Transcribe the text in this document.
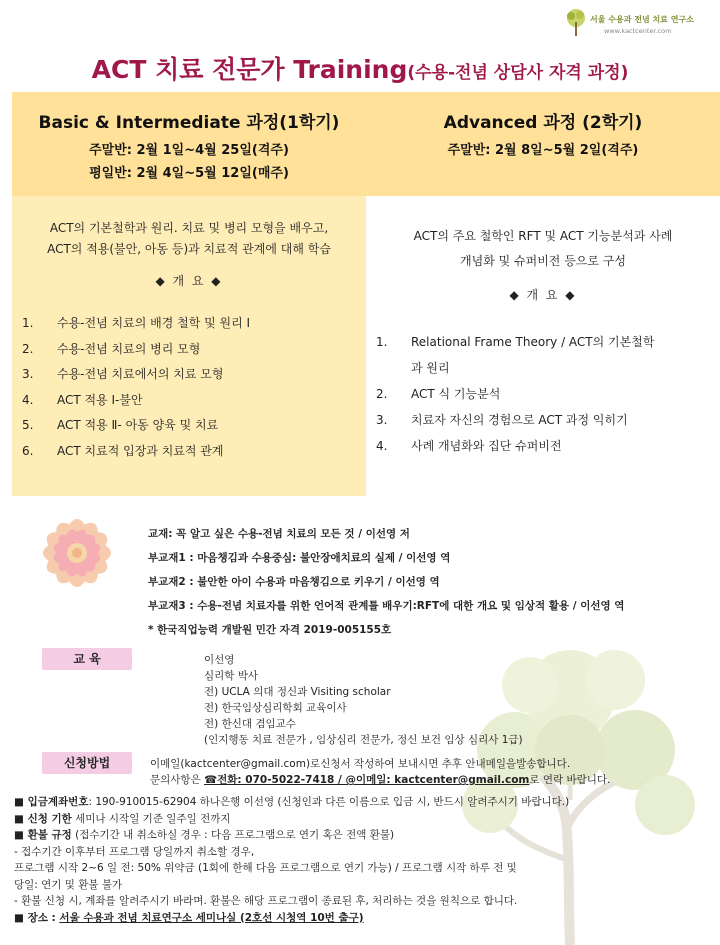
서울 수용과 전념 치료 연구소
www.kactcenter.com
ACT 치료 전문가 Training(수용-전념 상담사 자격 과정)
Basic & Intermediate 과정(1학기)

주말반: 2월 1일~4월 25일(격주)

평일반: 2월 4일~5월 12일(매주)

Advanced 과정 (2학기)

주말반: 2월 8일~5월 2일(격주)

ACT의 기본철학과 원리. 치료 및 병리 모형을 배우고,
ACT의 적용(불안, 아동 등)과 치료적 관계에 대해 학습
◆ 개 요 ◆
1. 수용-전념 치료의 배경 철학 및 원리 I
2. 수용-전념 치료의 병리 모형
3. 수용-전념 치료에서의 치료 모형
4. ACT 적용 Ⅰ-불안
5. ACT 적용 Ⅱ- 아동 양육 및 치료
6. ACT 치료적 입장과 치료적 관계
ACT의 주요 철학인 RFT 및 ACT 기능분석과 사례
개념화 및 슈퍼비전 등으로 구성
◆ 개 요 ◆
1. Relational Frame Theory / ACT의 기본철학
과 원리
2. ACT 식 기능분석
3. 치료자 자신의 경험으로 ACT 과정 익히기
4. 사례 개념화와 집단 슈퍼비전
교재: 꼭 알고 싶은 수용-전념 치료의 모든 것 / 이선영 저
부교재1 : 마음챙김과 수용중심: 불안장애치료의 실제 / 이선영 역
부교재2 : 불안한 아이 수용과 마음챙김으로 키우기 / 이선영 역
부교재3 : 수용-전념 치료자를 위한 언어적 관계틀 배우기:RFT에 대한 개요 및 임상적 활용 / 이선영 역
* 한국직업능력 개발원 민간 자격 2019-005155호
교 육	이선영
심리학 박사
전) UCLA 의대 정신과 Visiting scholar
전) 한국임상심리학회 교육이사
전) 한신대 겸임교수
(인지행동 치료 전문가 , 임상심리 전문가, 정신 보건 임상 심리사 1급)
신청방법	이메일(kactcenter@gmail.com)로신청서 작성하여 보내시면 추후 안내메일을발송합니다.
문의사항은 ☎전화: 070-5022-7418 / @이메일: kactcenter@gmail.com로 연락 바랍니다.
■ 입금계좌번호: 190-910015-62904 하나은행 이선영 (신청인과 다른 이름으로 입금 시, 반드시 알려주시기 바랍니다.)
■ 신청 기한 세미나 시작일 기준 일주일 전까지
■ 환불 규정 (접수기간 내 취소하실 경우 : 다음 프로그램으로 연기 혹은 전액 환불)
- 접수기간 이후부터 프로그램 당일까지 취소할 경우,
프로그램 시작 2~6 일 전: 50% 위약금 (1회에 한해 다음 프로그램으로 연기 가능) / 프로그램 시작 하루 전 및
당일: 연기 및 환불 불가
- 환불 신청 시, 계좌를 알려주시기 바라며. 환불은 해당 프로그램이 종료된 후, 처리하는 것을 원칙으로 합니다.
■ 장소 : 서울 수용과 전념 치료연구소 세미나실 (2호선 시청역 10번 출구)
